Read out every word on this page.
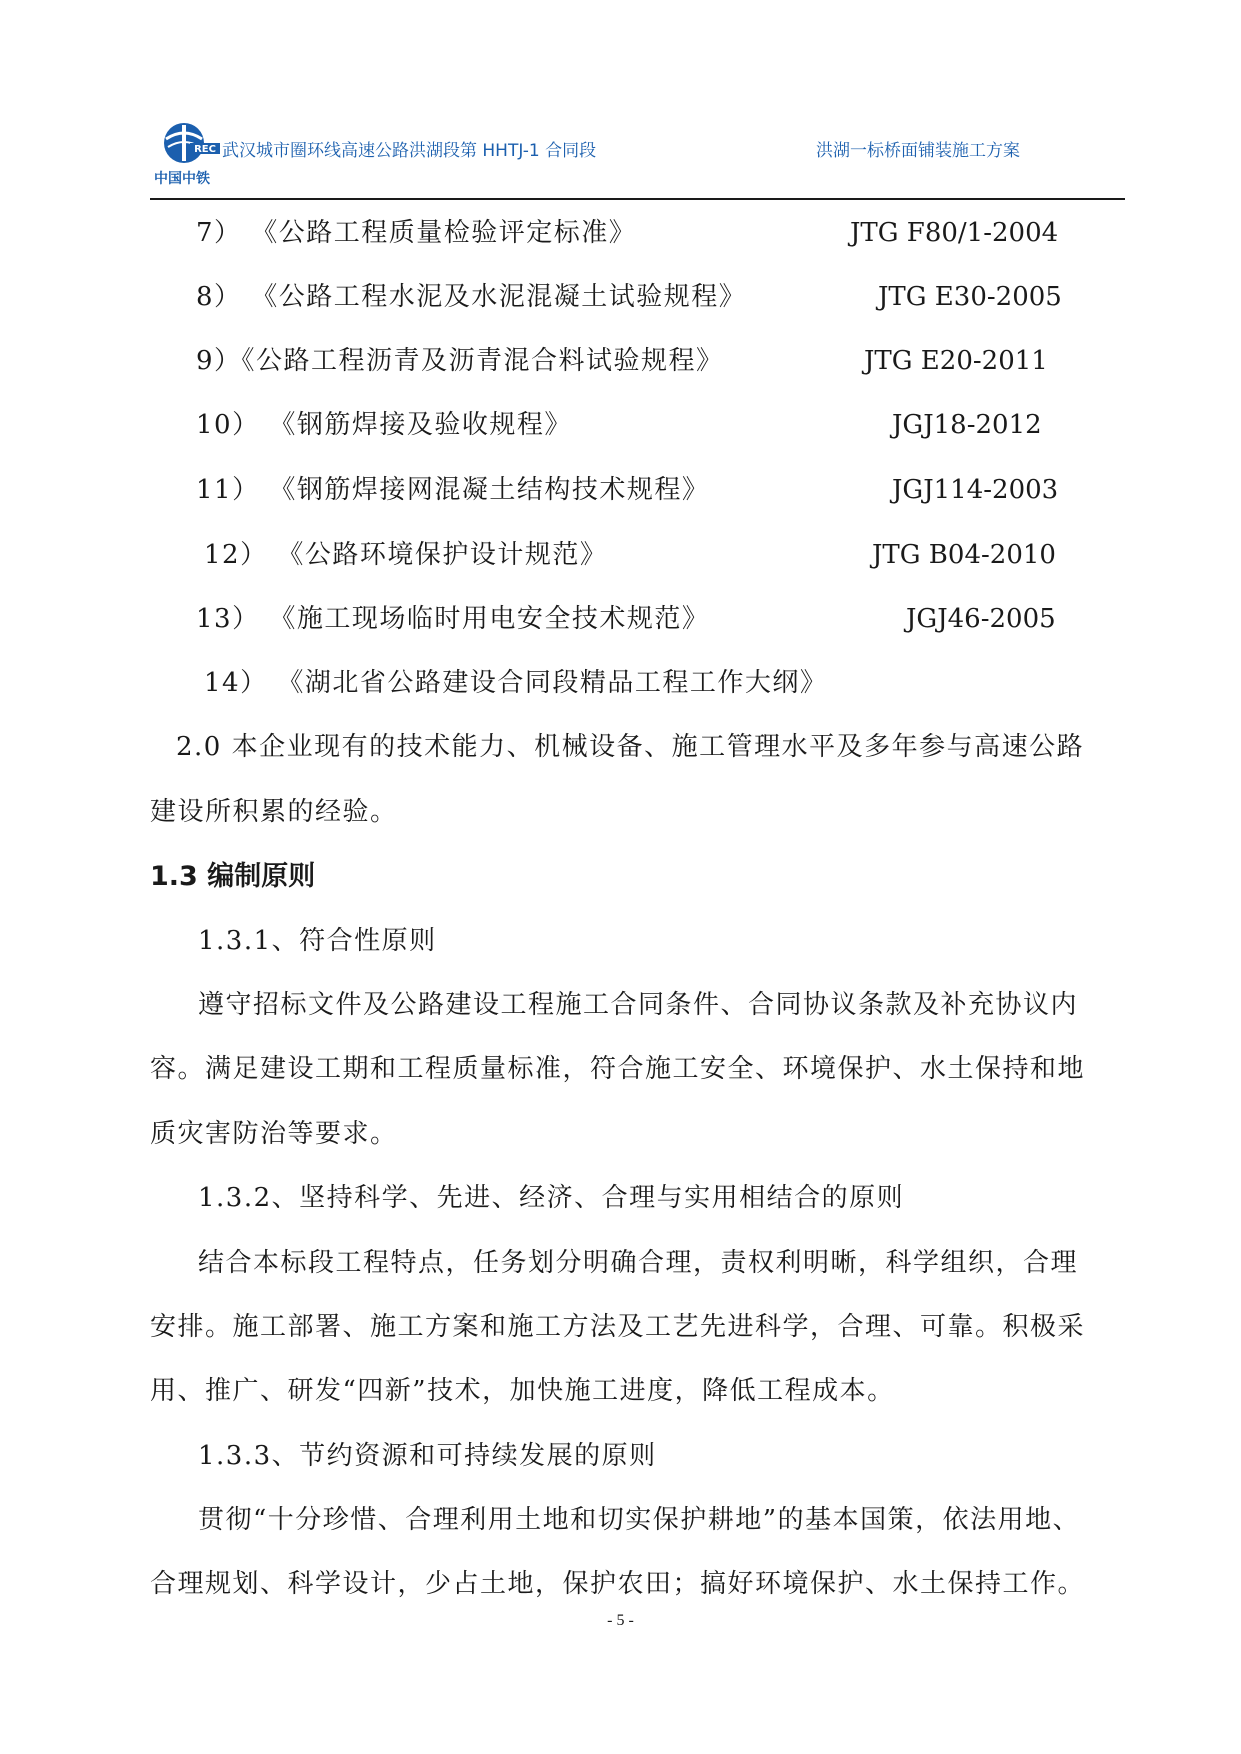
REC
中国中铁
武汉城市圈环线高速公路洪湖段第 HHTJ-1 合同段	洪湖一标桥面铺装施工方案
7） 《公路工程质量检验评定标准》	JTG F80/1-2004
8） 《公路工程水泥及水泥混凝土试验规程》	JTG E30-2005
9）《公路工程沥青及沥青混合料试验规程》	JTG E20-2011
10） 《钢筋焊接及验收规程》	JGJ18-2012
11） 《钢筋焊接网混凝土结构技术规程》	JGJ114-2003
12） 《公路环境保护设计规范》	JTG B04-2010
13） 《施工现场临时用电安全技术规范》	JGJ46-2005
14） 《湖北省公路建设合同段精品工程工作大纲》
2.0 本企业现有的技术能力、机械设备、施工管理水平及多年参与高速公路
建设所积累的经验。
1.3 编制原则
1.3.1、符合性原则
遵守招标文件及公路建设工程施工合同条件、合同协议条款及补充协议内
容。满足建设工期和工程质量标准，符合施工安全、环境保护、水土保持和地
质灾害防治等要求。
1.3.2、坚持科学、先进、经济、合理与实用相结合的原则
结合本标段工程特点，任务划分明确合理，责权利明晰，科学组织，合理
安排。施工部署、施工方案和施工方法及工艺先进科学，合理、可靠。积极采
用、推广、研发“四新”技术，加快施工进度，降低工程成本。
1.3.3、节约资源和可持续发展的原则
贯彻“十分珍惜、合理利用土地和切实保护耕地”的基本国策，依法用地、
合理规划、科学设计，少占土地，保护农田；搞好环境保护、水土保持工作。
- 5 -
